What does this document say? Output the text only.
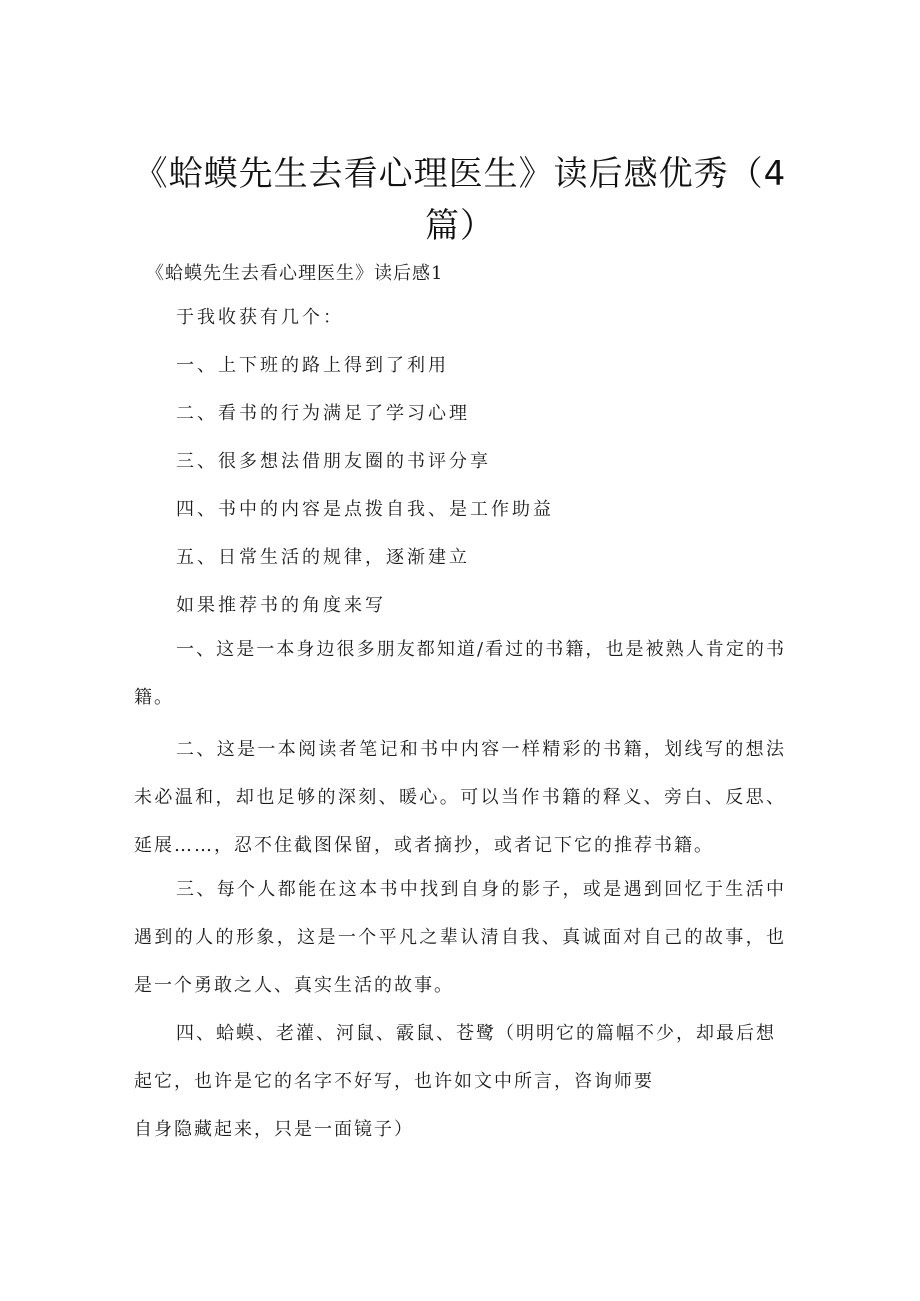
《蛤蟆先生去看心理医生》读后感优秀（4篇）
《蛤蟆先生去看心理医生》读后感1
于我收获有几个：
一、上下班的路上得到了利用
二、看书的行为满足了学习心理
三、很多想法借朋友圈的书评分享
四、书中的内容是点拨自我、是工作助益
五、日常生活的规律，逐渐建立
如果推荐书的角度来写

一、这是一本身边很多朋友都知道/看过的书籍，也是被熟人肯定的书籍。

二、这是一本阅读者笔记和书中内容一样精彩的书籍，划线写的想法未必温和，却也足够的深刻、暖心。可以当作书籍的释义、旁白、反思、延展……，忍不住截图保留，或者摘抄，或者记下它的推荐书籍。

三、每个人都能在这本书中找到自身的影子，或是遇到回忆于生活中遇到的人的形象，这是一个平凡之辈认清自我、真诚面对自己的故事，也是一个勇敢之人、真实生活的故事。

四、蛤蟆、老灌、河鼠、霰鼠、苍鹭（明明它的篇幅不少，却最后想
起它，也许是它的名字不好写，也许如文中所言，咨询师要
自身隐藏起来，只是一面镜子）
